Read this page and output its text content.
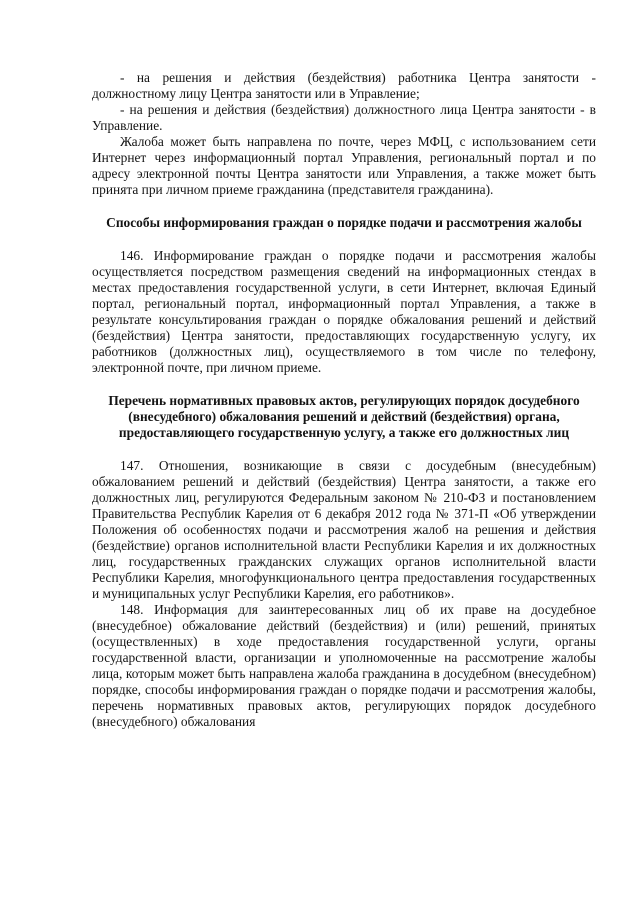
- на решения и действия (бездействия) работника Центра занятости - должностному лицу Центра занятости или в Управление;

- на решения и действия (бездействия) должностного лица Центра занятости - в Управление.

Жалоба может быть направлена по почте, через МФЦ, с использованием сети Интернет через информационный портал Управления, региональный портал и по адресу электронной почты Центра занятости или Управления, а также может быть принята при личном приеме гражданина (представителя гражданина).

Способы информирования граждан о порядке подачи и рассмотрения жалобы

146. Информирование граждан о порядке подачи и рассмотрения жалобы осуществляется посредством размещения сведений на информационных стендах в местах предоставления государственной услуги, в сети Интернет, включая Единый портал, региональный портал, информационный портал Управления, а также в результате консультирования граждан о порядке обжалования решений и действий (бездействия) Центра занятости, предоставляющих государственную услугу, их работников (должностных лиц), осуществляемого в том числе по телефону, электронной почте, при личном приеме.

Перечень нормативных правовых актов, регулирующих порядок досудебного (внесудебного) обжалования решений и действий (бездействия) органа, предоставляющего государственную услугу, а также его должностных лиц

147. Отношения, возникающие в связи с досудебным (внесудебным) обжалованием решений и действий (бездействия) Центра занятости, а также его должностных лиц, регулируются Федеральным законом № 210-ФЗ и постановлением Правительства Республик Карелия от 6 декабря 2012 года № 371-П «Об утверждении Положения об особенностях подачи и рассмотрения жалоб на решения и действия (бездействие) органов исполнительной власти Республики Карелия и их должностных лиц, государственных гражданских служащих органов исполнительной власти Республики Карелия, многофункционального центра предоставления государственных и муниципальных услуг Республики Карелия, его работников».

148. Информация для заинтересованных лиц об их праве на досудебное (внесудебное) обжалование действий (бездействия) и (или) решений, принятых (осуществленных) в ходе предоставления государственной услуги, органы государственной власти, организации и уполномоченные на рассмотрение жалобы лица, которым может быть направлена жалоба гражданина в досудебном (внесудебном) порядке, способы информирования граждан о порядке подачи и рассмотрения жалобы, перечень нормативных правовых актов, регулирующих порядок досудебного (внесудебного) обжалования
